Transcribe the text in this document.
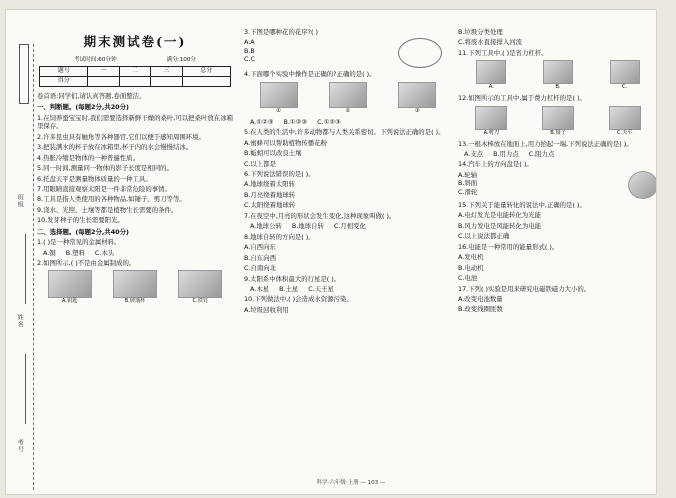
班级
姓名
考号
期末测试卷(一)
考试时间:60分钟	满分:100分
题号	一	二	三	总分
得分				
卷首语:同学们,请认真答题,卷面整洁。
一、判断题。(每题2分,共20分)
1.在饲养蚕宝宝时,我们需要选择新鲜干燥的桑叶,可以把桑叶放在冰箱里保存。
2.许多昆虫具有触角等各种器官,它们以便于感知周围环境。
3.把装满水的杯子放在冰箱里,杯子内的水会慢慢结冰。
4.热胀冷缩是物体的一种普遍性质。
5.同一时间,测量同一物体的影子长度是相同的。
6.托盘天平是测量物体质量的一种工具。
7.用眼睛直接观察太阳是一件非常危险的事情。
8.工具是指人类使用的各种物品,如锤子、剪刀等等。
9.浇水、光照、土壤等都是植物生长需要的条件。
10.发芽种子的生长需要阳光。
二、选择题。(每题2分,共40分)
1.( )是一种常见的金属材料。
A.铜 B.塑料 C.木头
2.如图所示,( )不是由金属制成的。
A.钥匙	B.玻璃杯	C.铁钉
3.下图是哪种花的花序?( )
A.A
B.B
C.C
4.下面哪个实验中操作是正确的?正确的是( )。
①	②	③
A.①②③ B.①②③ C.①②③
5.在人类的生活中,许多动物都与人类关系密切。下列说法正确的是( )。
A.蜜蜂可以帮助植物传播花粉
B.蚯蚓可以改良土壤
C.以上都是
6.下列说法错误的是( )。
A.地球绕着太阳转
B.月亮绕着地球转
C.太阳绕着地球转
7.在夜空中,月亮的形状会发生变化,这种现象叫做( )。
A.地球公转 B.地球自转 C.月相变化
8.地球自转的方向是( )。
A.自西向东
B.自东向西
C.自南向北
9.太阳系中体积最大的行星是( )。
A.木星 B.土星 C.天王星
10.下列做法中,( )会造成水资源污染。
A.垃圾回收利用
B.垃圾分类处理
C.将废水直接排入河流
11.下列工具中,( )是省力杠杆。
A.	B.	C.
12.如图所示的工具中,属于费力杠杆的是( )。
A.剪刀	B.镊子	C.天平
13.一根木棒放在地面上,用力抬起一端,下列说法正确的是( )。
A.支点 B.用力点 C.阻力点
14.汽车上的方向盘是( )。
A.轮轴
B.斜面
C.滑轮
15.下列关于能量转化的说法中,正确的是( )。
A.电灯发光是电能转化为光能
B.风力发电是风能转化为电能
C.以上说法都正确
16.电能是一种常用的能量形式( )。
A.发电机
B.电动机
C.电池
17.下列( )实验是用来研究电磁铁磁力大小的。
A.改变电池数量
B.改变线圈匝数
科学·六年级·上册 — 103 —
